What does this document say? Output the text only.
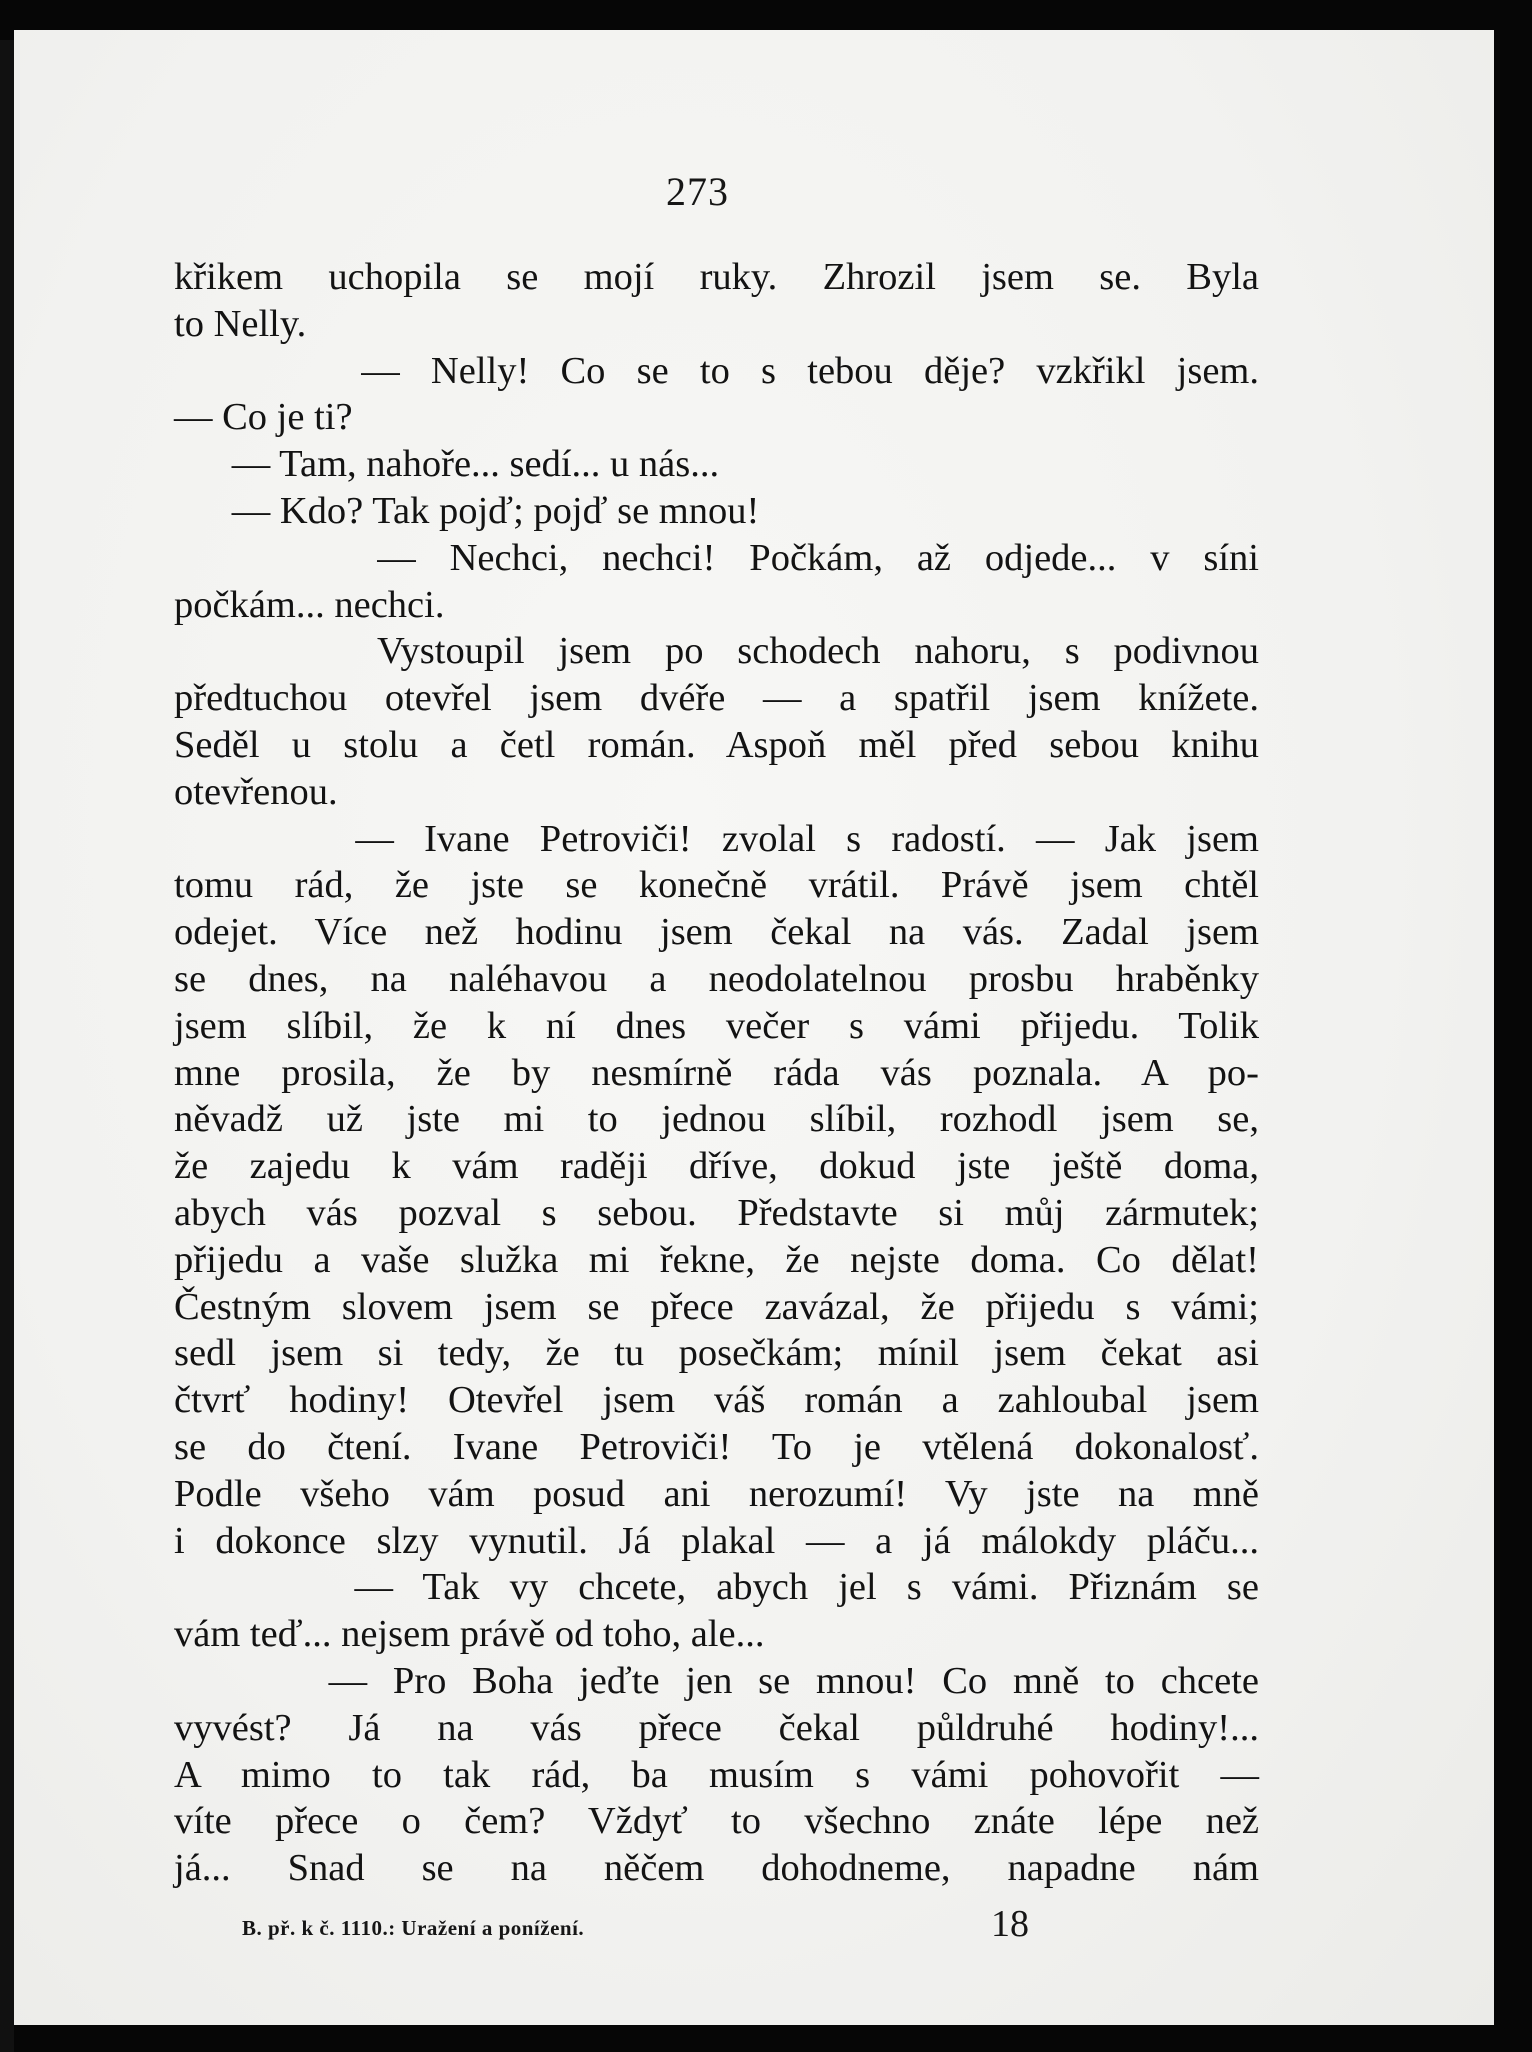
273
křikem uchopila se mojí ruky. Zhrozil jsem se. Byla
to Nelly.
— Nelly! Co se to s tebou děje? vzkřikl jsem.
— Co je ti?
— Tam, nahoře... sedí... u nás...
— Kdo? Tak pojď; pojď se mnou!
— Nechci, nechci! Počkám, až odjede... v síni
počkám... nechci.
Vystoupil jsem po schodech nahoru, s podivnou
předtuchou otevřel jsem dvéře — a spatřil jsem knížete.
Seděl u stolu a četl román. Aspoň měl před sebou knihu
otevřenou.
— Ivane Petroviči! zvolal s radostí. — Jak jsem
tomu rád, že jste se konečně vrátil. Právě jsem chtěl
odejet. Více než hodinu jsem čekal na vás. Zadal jsem
se dnes, na naléhavou a neodolatelnou prosbu hraběnky
jsem slíbil, že k ní dnes večer s vámi přijedu. Tolik
mne prosila, že by nesmírně ráda vás poznala. A po-
něvadž už jste mi to jednou slíbil, rozhodl jsem se,
že zajedu k vám raději dříve, dokud jste ještě doma,
abych vás pozval s sebou. Představte si můj zármutek;
přijedu a vaše služka mi řekne, že nejste doma. Co dělat!
Čestným slovem jsem se přece zavázal, že přijedu s vámi;
sedl jsem si tedy, že tu posečkám; mínil jsem čekat asi
čtvrť hodiny! Otevřel jsem váš román a zahloubal jsem
se do čtení. Ivane Petroviči! To je vtělená dokonalosť.
Podle všeho vám posud ani nerozumí! Vy jste na mně
i dokonce slzy vynutil. Já plakal — a já málokdy pláču...
— Tak vy chcete, abych jel s vámi. Přiznám se
vám teď... nejsem právě od toho, ale...
— Pro Boha jeďte jen se mnou! Co mně to chcete
vyvést? Já na vás přece čekal půldruhé hodiny!...
A mimo to tak rád, ba musím s vámi pohovořit —
víte přece o čem? Vždyť to všechno znáte lépe než
já... Snad se na něčem dohodneme, napadne nám
B. př. k č. 1110.: Uražení a ponížení.	18
